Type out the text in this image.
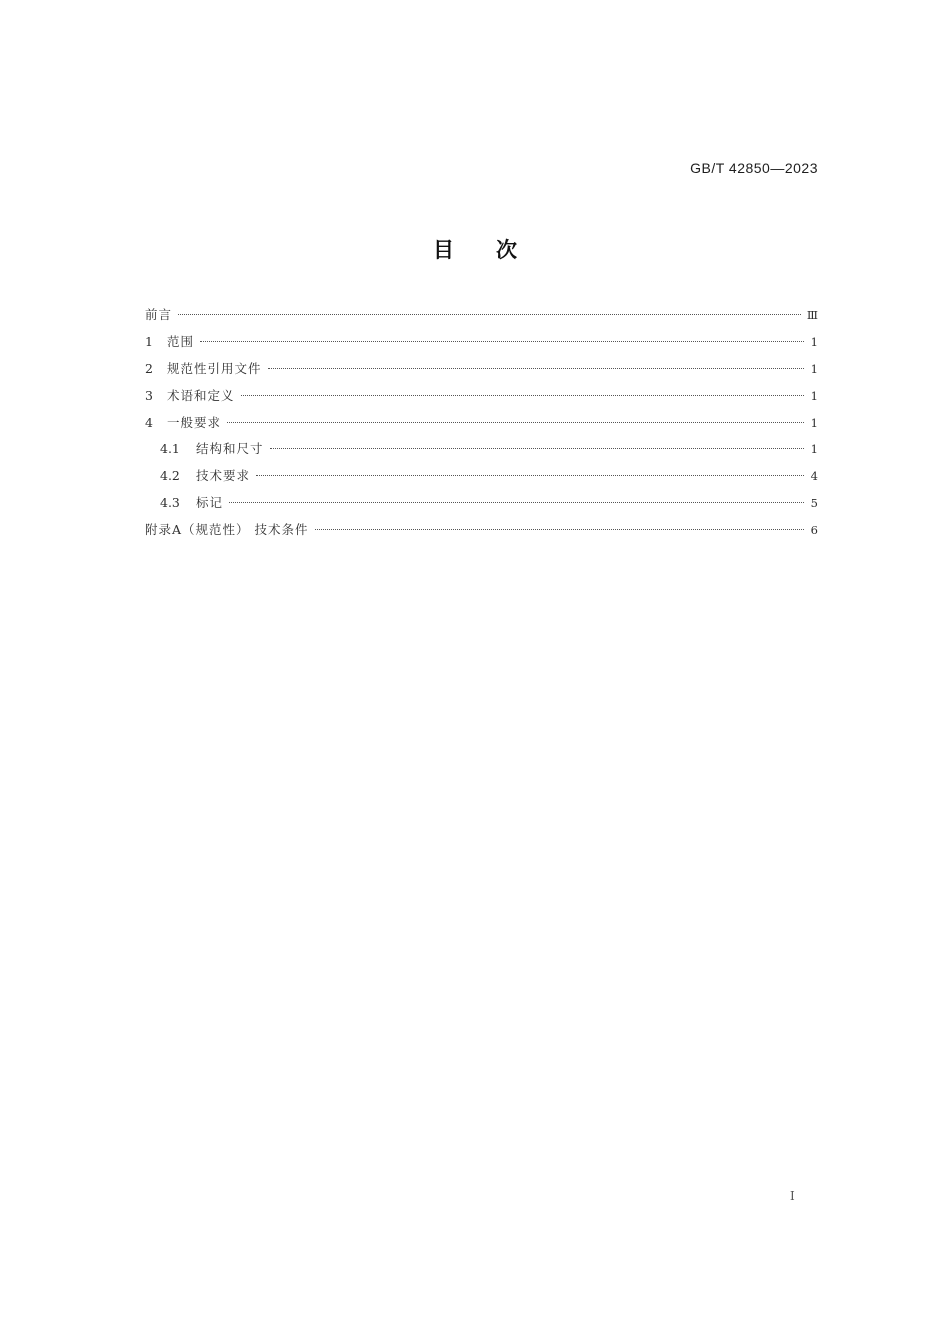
GB/T 42850—2023
目次
前言	Ⅲ
1	范围	1
2	规范性引用文件	1
3	术语和定义	1
4	一般要求	1
4.1	结构和尺寸	1
4.2	技术要求	4
4.3	标记	5
附录A（规范性） 技术条件	6
Ⅰ
